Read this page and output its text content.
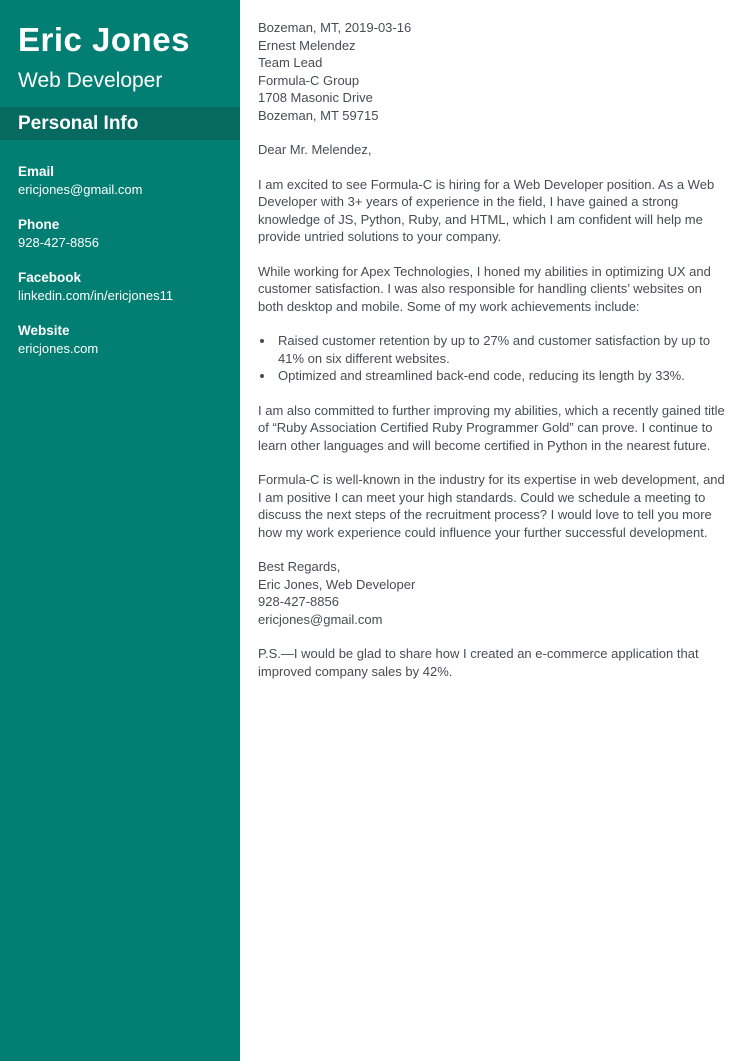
Eric Jones
Web Developer
Personal Info
Email
ericjones@gmail.com
Phone
928-427-8856
Facebook
linkedin.com/in/ericjones11
Website
ericjones.com
Bozeman, MT, 2019-03-16
Ernest Melendez
Team Lead
Formula-C Group
1708 Masonic Drive
Bozeman, MT 59715

Dear Mr. Melendez,

I am excited to see Formula-C is hiring for a Web Developer position. As a Web Developer with 3+ years of experience in the field, I have gained a strong knowledge of JS, Python, Ruby, and HTML, which I am confident will help me provide untried solutions to your company.

While working for Apex Technologies, I honed my abilities in optimizing UX and customer satisfaction. I was also responsible for handling clients’ websites on both desktop and mobile. Some of my work achievements include:

• Raised customer retention by up to 27% and customer satisfaction by up to 41% on six different websites.
• Optimized and streamlined back-end code, reducing its length by 33%.

I am also committed to further improving my abilities, which a recently gained title of “Ruby Association Certified Ruby Programmer Gold” can prove. I continue to learn other languages and will become certified in Python in the nearest future.

Formula-C is well-known in the industry for its expertise in web development, and I am positive I can meet your high standards. Could we schedule a meeting to discuss the next steps of the recruitment process? I would love to tell you more how my work experience could influence your further successful development.

Best Regards,
Eric Jones, Web Developer
928-427-8856
ericjones@gmail.com

P.S.—I would be glad to share how I created an e-commerce application that improved company sales by 42%.
